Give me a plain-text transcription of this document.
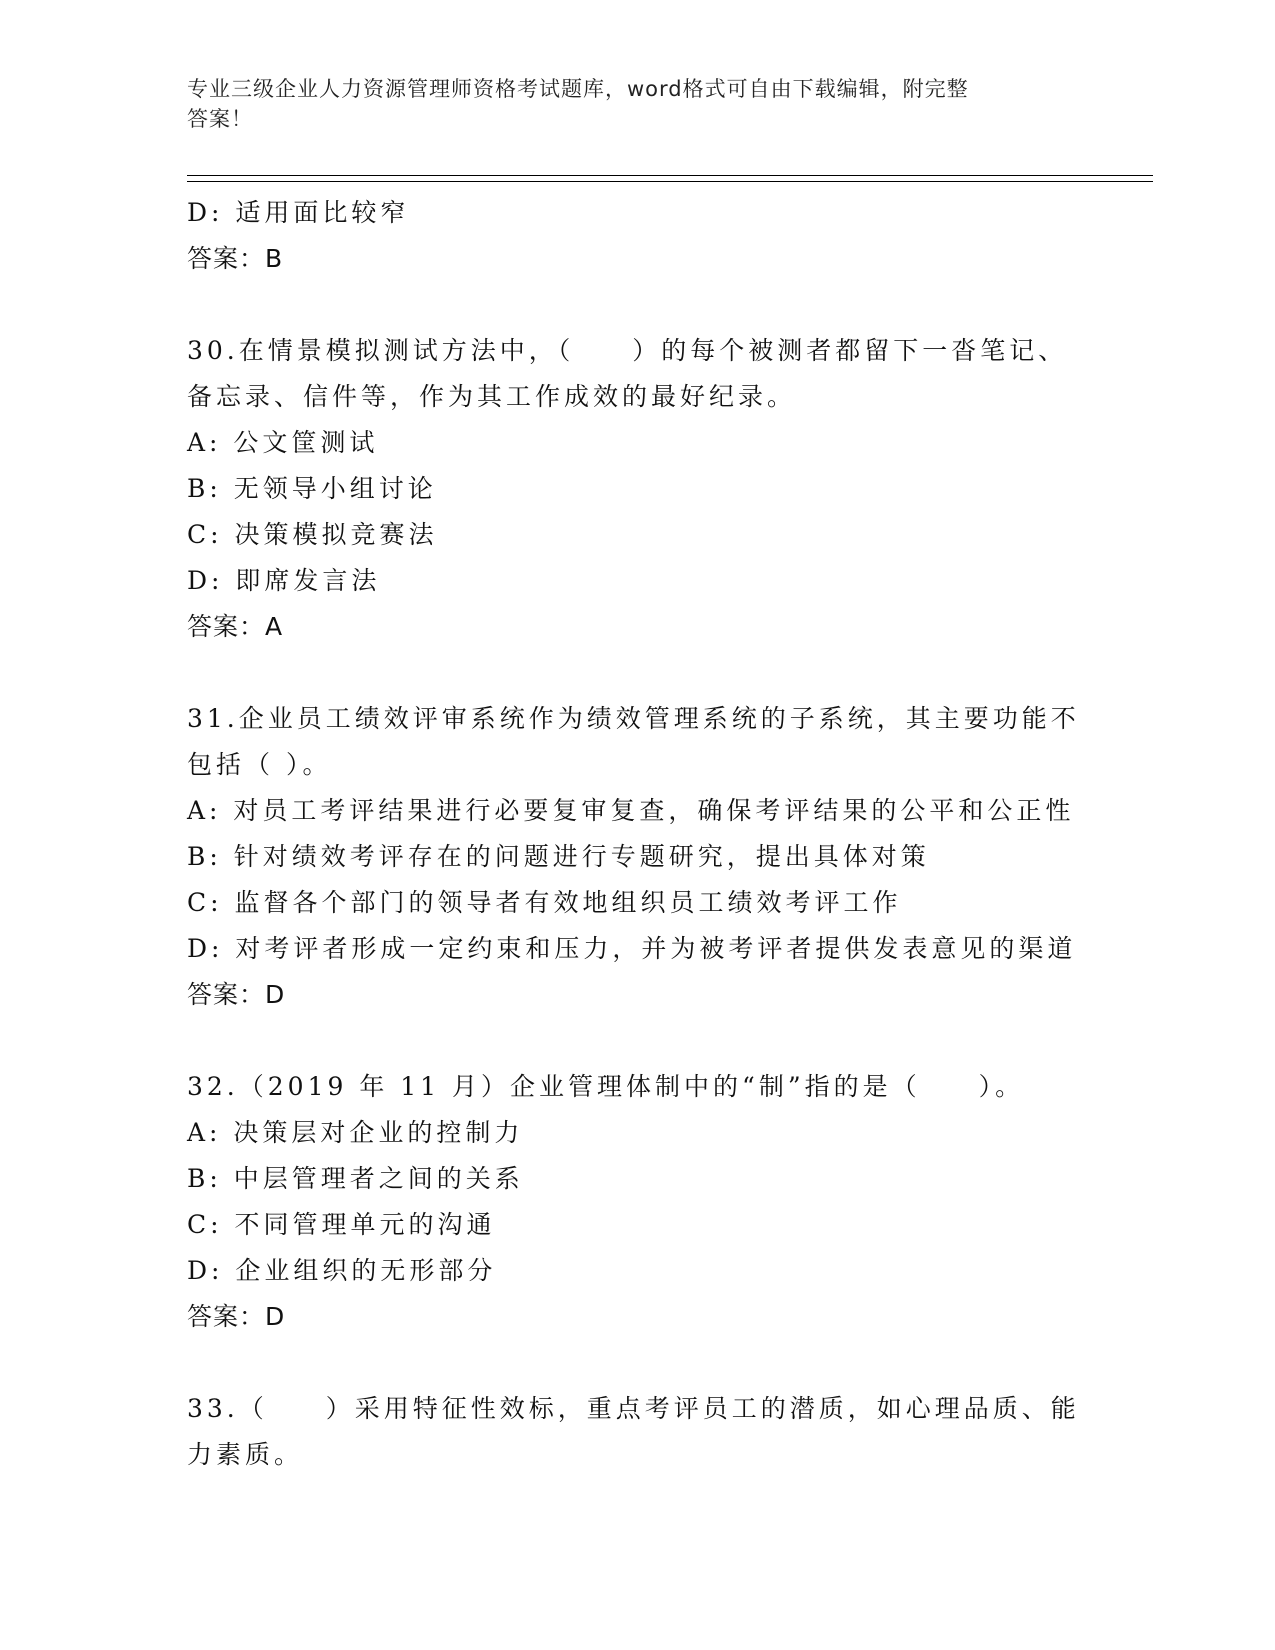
专业三级企业人力资源管理师资格考试题库，word格式可自由下载编辑，附完整
答案！
D: 适用面比较窄
答案：B
30.在情景模拟测试方法中，（　　）的每个被测者都留下一沓笔记、
备忘录、信件等，作为其工作成效的最好纪录。
A: 公文筐测试
B: 无领导小组讨论
C: 决策模拟竞赛法
D: 即席发言法
答案：A
31.企业员工绩效评审系统作为绩效管理系统的子系统，其主要功能不
包括（ ）。
A: 对员工考评结果进行必要复审复查，确保考评结果的公平和公正性
B: 针对绩效考评存在的问题进行专题研究，提出具体对策
C: 监督各个部门的领导者有效地组织员工绩效考评工作
D: 对考评者形成一定约束和压力，并为被考评者提供发表意见的渠道
答案：D
32.（2019 年 11 月）企业管理体制中的“制”指的是（　　）。
A: 决策层对企业的控制力
B: 中层管理者之间的关系
C: 不同管理单元的沟通
D: 企业组织的无形部分
答案：D
33.（　　）采用特征性效标，重点考评员工的潜质，如心理品质、能
力素质。
